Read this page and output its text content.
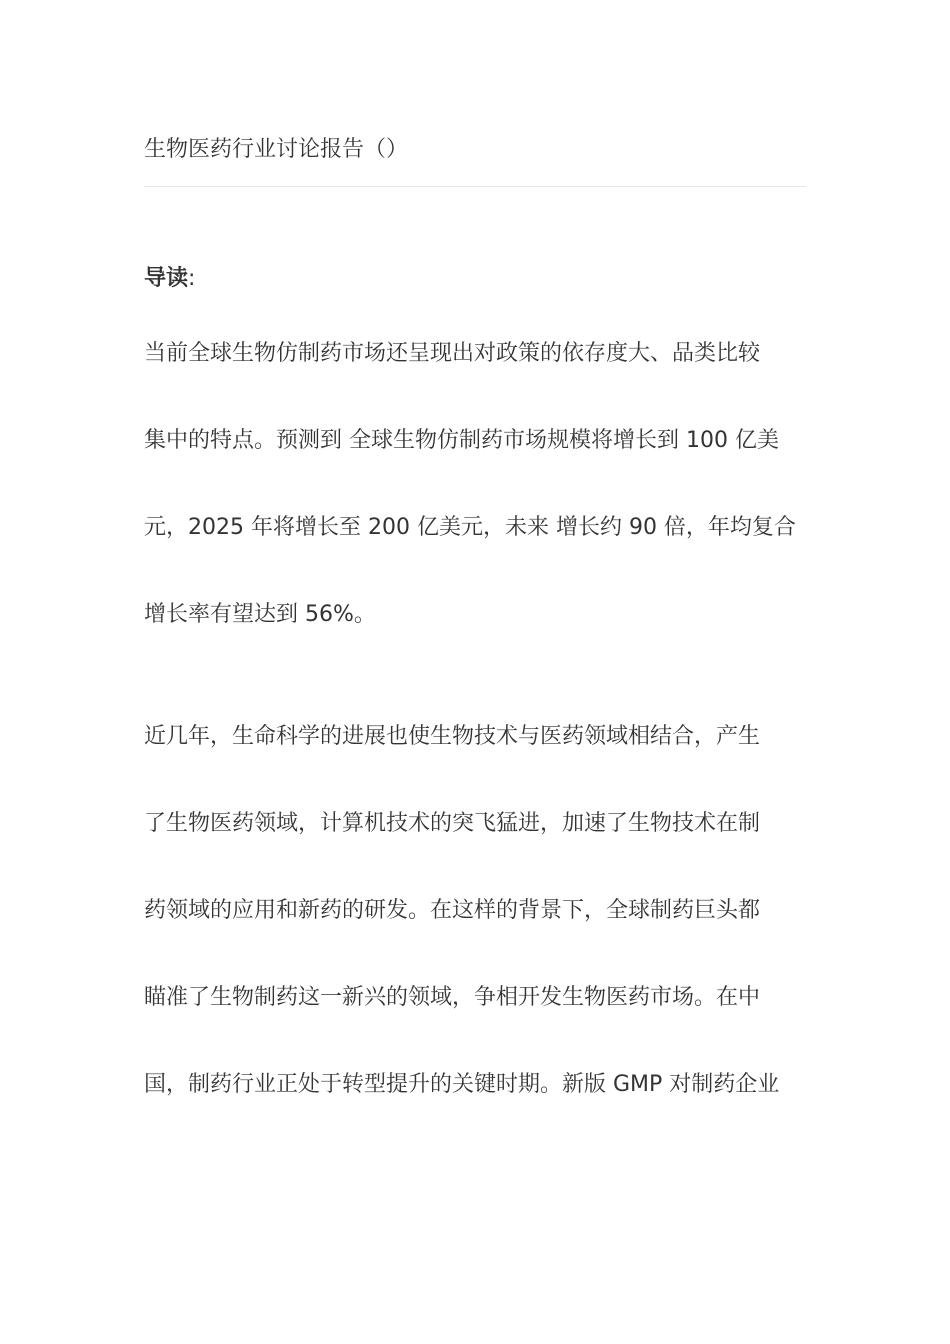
生物医药行业讨论报告（）
导读:

当前全球生物仿制药市场还呈现出对政策的依存度大、品类比较
集中的特点。预测到 全球生物仿制药市场规模将增长到 100 亿美
元，2025 年将增长至 200 亿美元，未来 增长约 90 倍，年均复合
增长率有望达到 56%。

近几年，生命科学的进展也使生物技术与医药领域相结合，产生
了生物医药领域，计算机技术的突飞猛进，加速了生物技术在制
药领域的应用和新药的研发。在这样的背景下，全球制药巨头都
瞄准了生物制药这一新兴的领域，争相开发生物医药市场。在中
国，制药行业正处于转型提升的关键时期。新版 GMP 对制药企业
